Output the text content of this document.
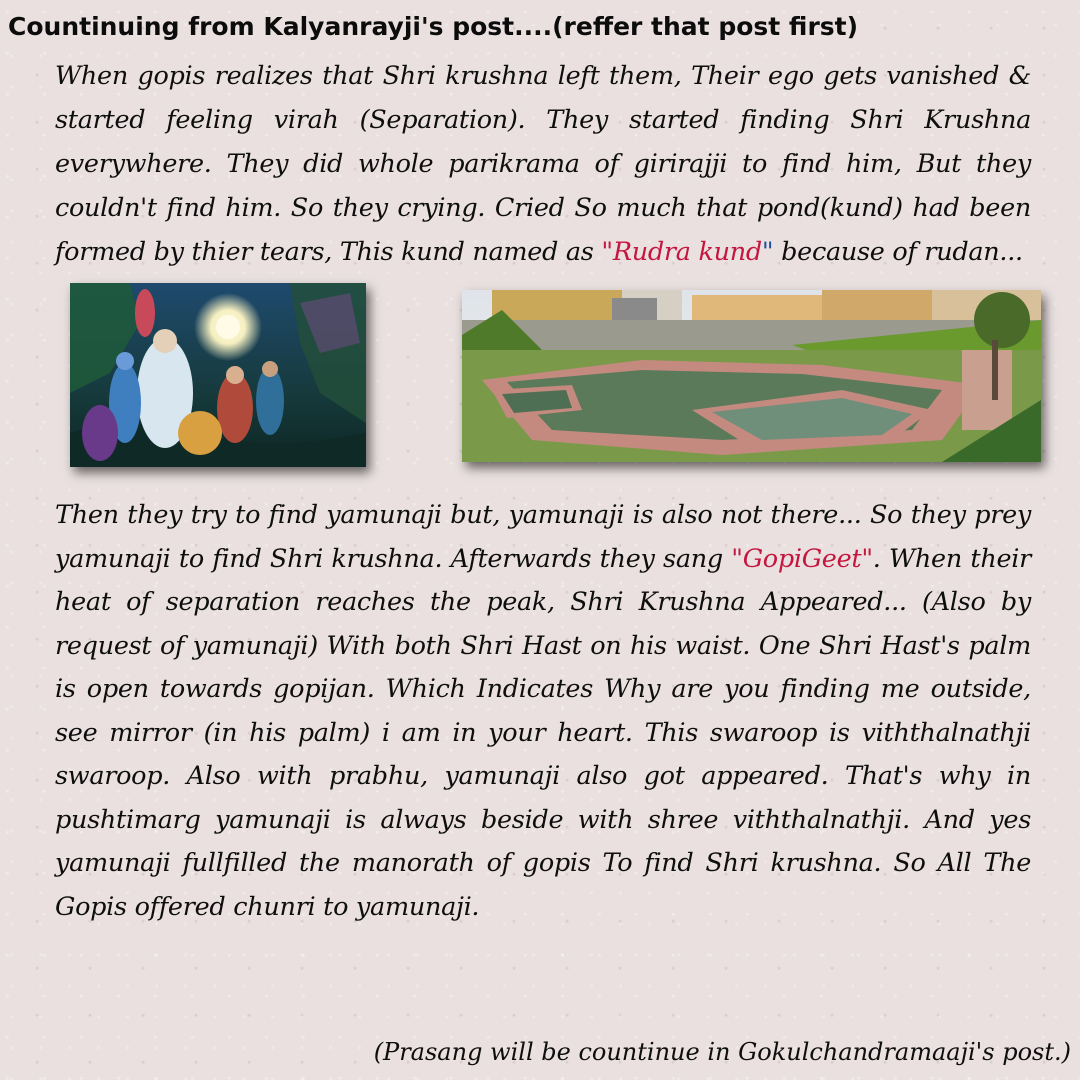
Countinuing from Kalyanrayji's post....(reffer that post first)
When gopis realizes that Shri krushna left them, Their ego gets vanished & started feeling virah (Separation). They started finding Shri Krushna everywhere. They did whole parikrama of girirajji to find him, But they couldn't find him. So they crying. Cried So much that pond(kund) had been formed by thier tears, This kund named as "Rudra kund" because of rudan...
Then they try to find yamunaji but, yamunaji is also not there... So they prey yamunaji to find Shri krushna. Afterwards they sang "GopiGeet". When their heat of separation reaches the peak, Shri Krushna Appeared... (Also by request of yamunaji) With both Shri Hast on his waist. One Shri Hast's palm is open towards gopijan. Which Indicates Why are you finding me outside, see mirror (in his palm) i am in your heart. This swaroop is viththalnathji swaroop. Also with prabhu, yamunaji also got appeared. That's why in pushtimarg yamunaji is always beside with shree viththalnathji. And yes yamunaji fullfilled the manorath of gopis To find Shri krushna. So All The Gopis offered chunri to yamunaji.
(Prasang will be countinue in Gokulchandramaaji's post.)
